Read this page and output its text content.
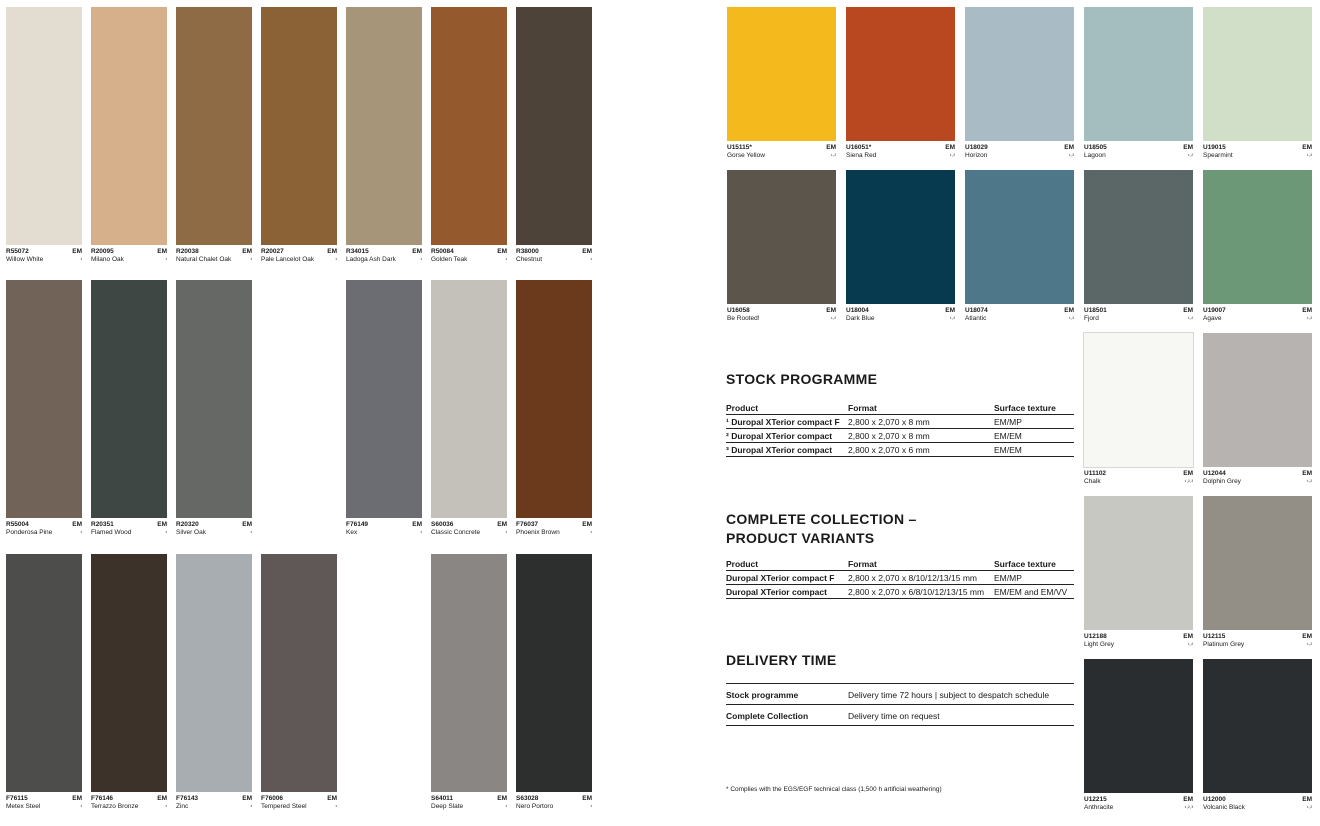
R55072
Willow White
EM
¹
R20095
Milano Oak
EM
¹
R20038
Natural Chalet Oak
EM
¹
R20027
Pale Lancelot Oak
EM
¹
R34015
Ladoga Ash Dark
EM
¹
R50084
Golden Teak
EM
¹
R38000
Chestnut
EM
¹
R55004
Ponderosa Pine
EM
¹
R20351
Flamed Wood
EM
¹
R20320
Silver Oak
EM
¹
F76149
Kex
EM
¹
S60036
Classic Concrete
EM
¹
F76037
Phoenix Brown
EM
¹
F76115
Metex Steel
EM
¹
F76146
Terrazzo Bronze
EM
¹
F76143
Zinc
EM
¹
F76006
Tempered Steel
EM
¹
S64011
Deep Slate
EM
¹
S63028
Nero Portoro
EM
¹
U15115*
Gorse Yellow
EM
¹˒²
U16051*
Siena Red
EM
¹˒²
U18029
Horizon
EM
¹˒²
U18505
Lagoon
EM
¹˒²
U19015
Spearmint
EM
¹˒²
U16058
Be Rooted!
EM
¹˒²
U18004
Dark Blue
EM
¹˒²
U18074
Atlantic
EM
¹˒²
U18501
Fjord
EM
¹˒²
U19007
Agave
EM
¹˒²
U11102
Chalk
EM
¹˒²˒³
U12044
Dolphin Grey
EM
¹˒²
U12188
Light Grey
EM
¹˒²
U12115
Platinum Grey
EM
¹˒²
U12215
Anthracite
EM
¹˒²˒³
U12000
Volcanic Black
EM
¹˒²
STOCK PROGRAMME
Product	Format	Surface texture
¹ Duropal XTerior compact F	2,800 x 2,070 x 8 mm	EM/MP
² Duropal XTerior compact	2,800 x 2,070 x 8 mm	EM/EM
³ Duropal XTerior compact	2,800 x 2,070 x 6 mm	EM/EM
COMPLETE COLLECTION –
PRODUCT VARIANTS
Product	Format	Surface texture
Duropal XTerior compact F	2,800 x 2,070 x 8/10/12/13/15 mm	EM/MP
Duropal XTerior compact	2,800 x 2,070 x 6/8/10/12/13/15 mm	EM/EM and EM/VV
DELIVERY TIME
Stock programme	Delivery time 72 hours | subject to despatch schedule
Complete Collection	Delivery time on request
* Complies with the EGS/EGF technical class (1,500 h artificial weathering)
